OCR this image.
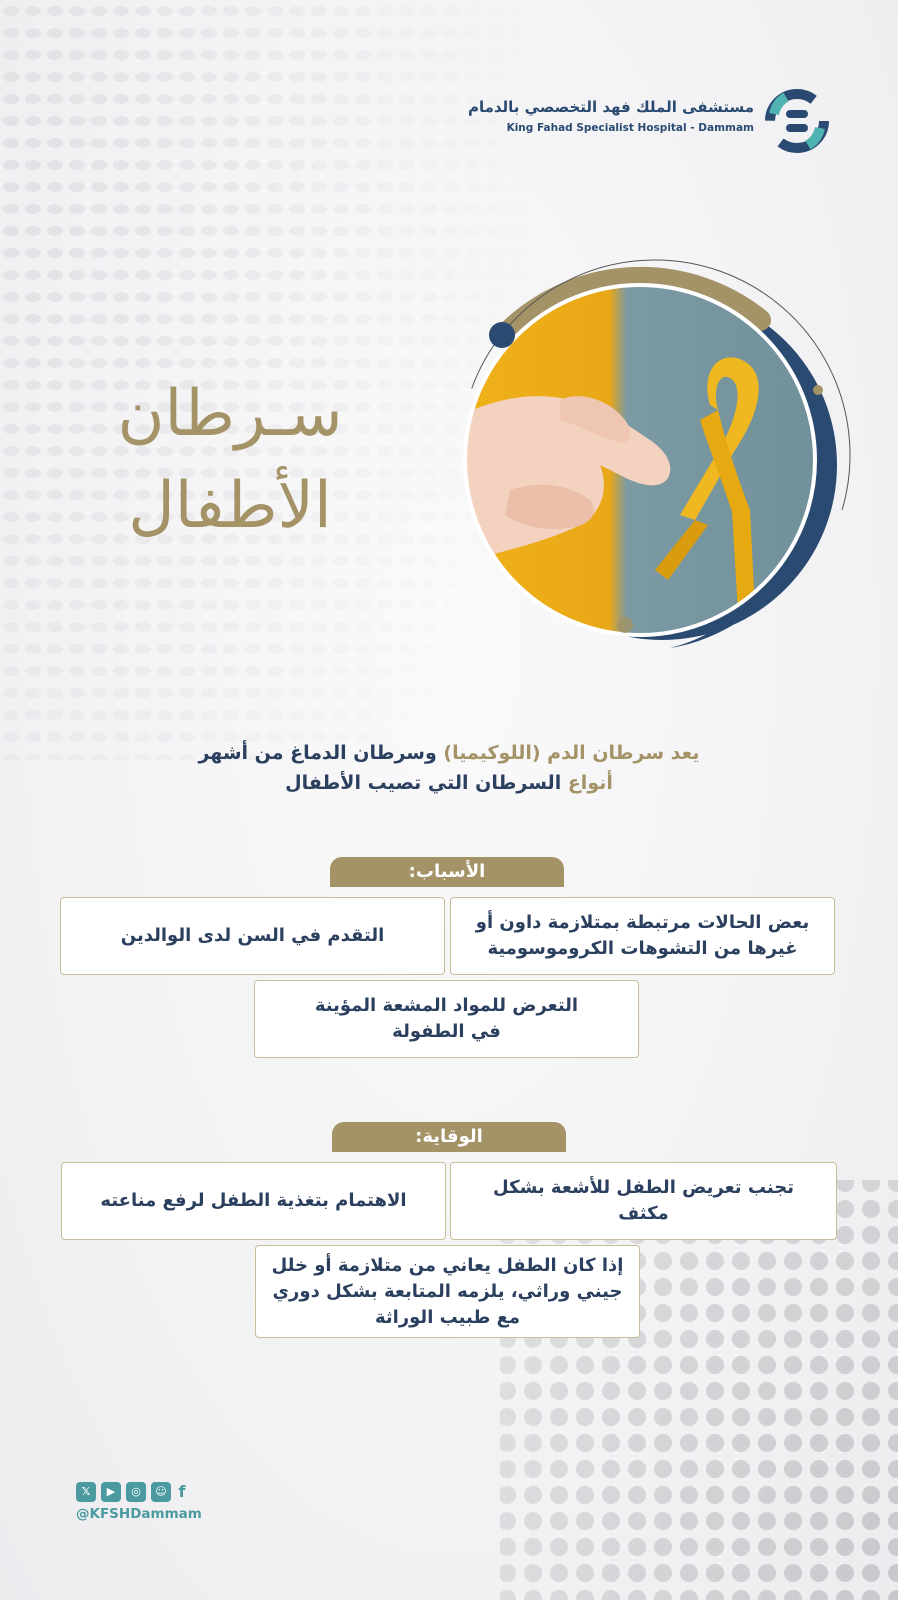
مستشفى الملك فهد التخصصي بالدمام
King Fahad Specialist Hospital - Dammam
سـرطان
الأطفال
يعد سرطان الدم (اللوكيميا) وسرطان الدماغ من أشهر
أنواع السرطان التي تصيب الأطفال
الأسباب:
بعض الحالات مرتبطة بمتلازمة داون أو
غيرها من التشوهات الكروموسومية
التقدم في السن لدى الوالدين
التعرض للمواد المشعة المؤينة
في الطفولة
الوقاية:
تجنب تعريض الطفل للأشعة بشكل مكثف
الاهتمام بتغذية الطفل لرفع مناعته
إذا كان الطفل يعاني من متلازمة أو خلل
جيني وراثي، يلزمه المتابعة بشكل دوري
مع طبيب الوراثة
𝕏	▶	◎	☺ f
@KFSHDammam
